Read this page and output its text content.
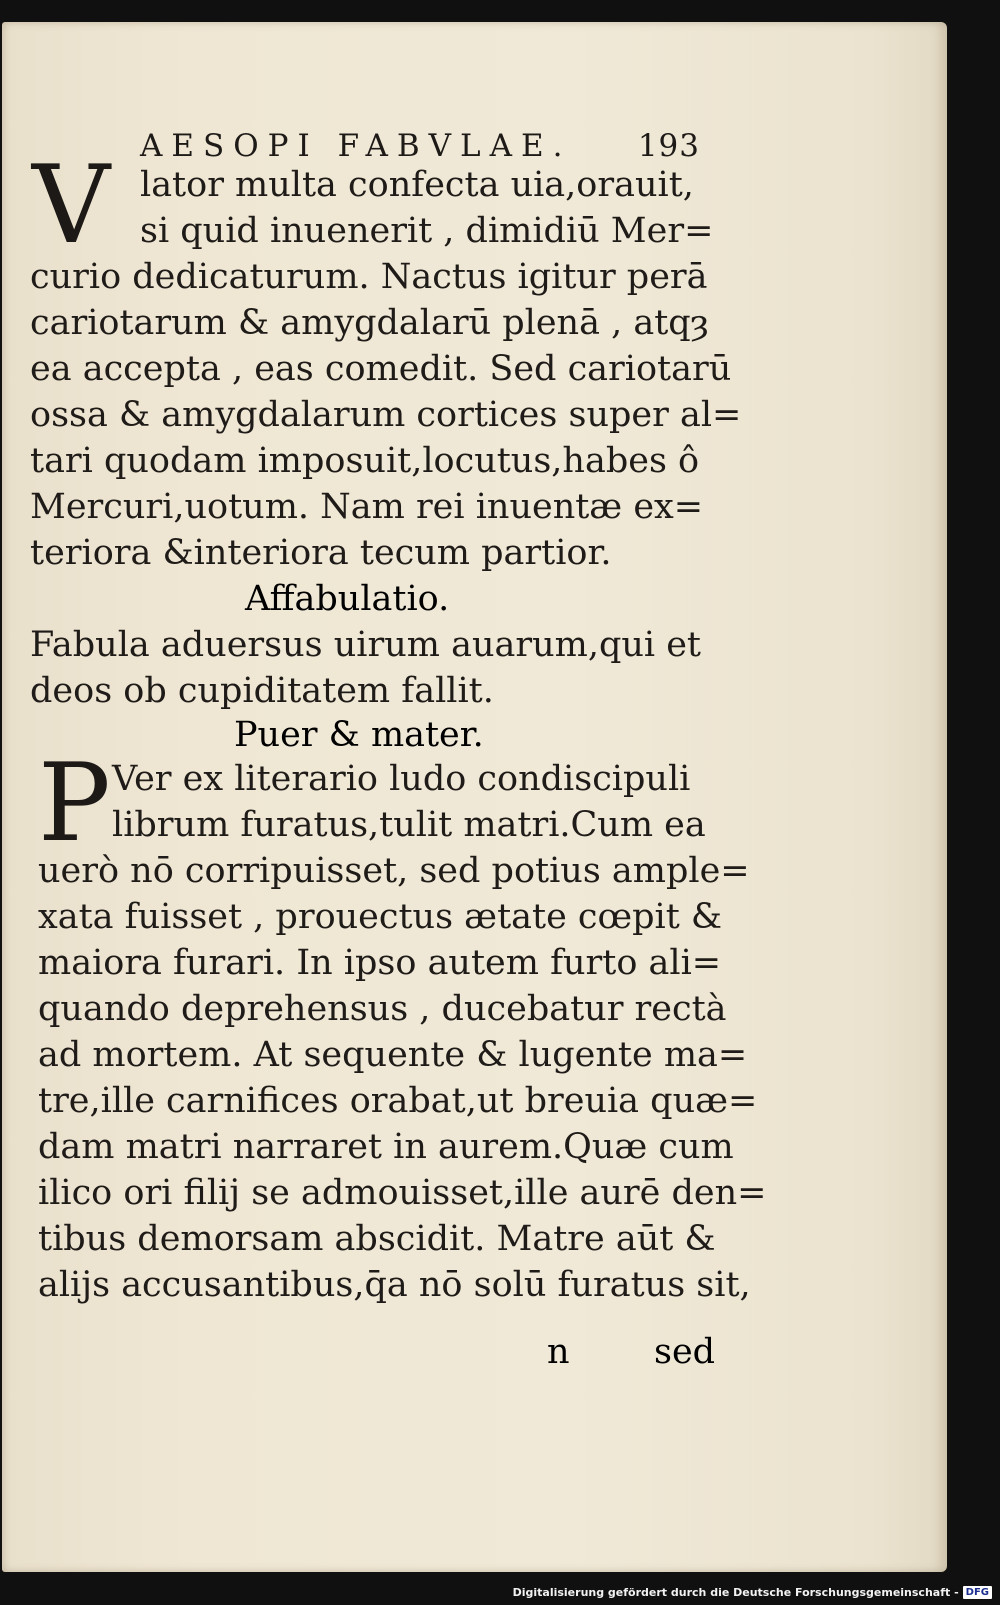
AESOPI FABVLAE. 193
V lator multa confecta uia,orauit,
si quid inuenerit , dimidiū Mer=
curio dedicaturum. Nactus igitur perā
cariotarum & amygdalarū plenā , atqȝ
ea accepta , eas comedit. Sed cariotarū
ossa & amygdalarum cortices super al=
tari quodam imposuit,locutus,habes ô
Mercuri,uotum. Nam rei inuentæ ex=
teriora &interiora tecum partior.
Affabulatio.
Fabula aduersus uirum auarum,qui et
deos ob cupiditatem fallit.
Puer & mater.
P Ver ex literario ludo condiscipuli
librum furatus,tulit matri.Cum ea
uerò nō corripuisset, sed potius ample=
xata fuisset , prouectus ætate cœpit &
maiora furari. In ipso autem furto ali=
quando deprehensus , ducebatur rectà
ad mortem. At sequente & lugente ma=
tre,ille carnifices orabat,ut breuia quæ=
dam matri narraret in aurem.Quæ cum
ilico ori filij se admouisset,ille aurē den=
tibus demorsam abscidit. Matre aūt &
alijs accusantibus,q̄a nō solū furatus sit,
n sed
Digitalisierung gefördert durch die Deutsche Forschungsgemeinschaft - DFG
